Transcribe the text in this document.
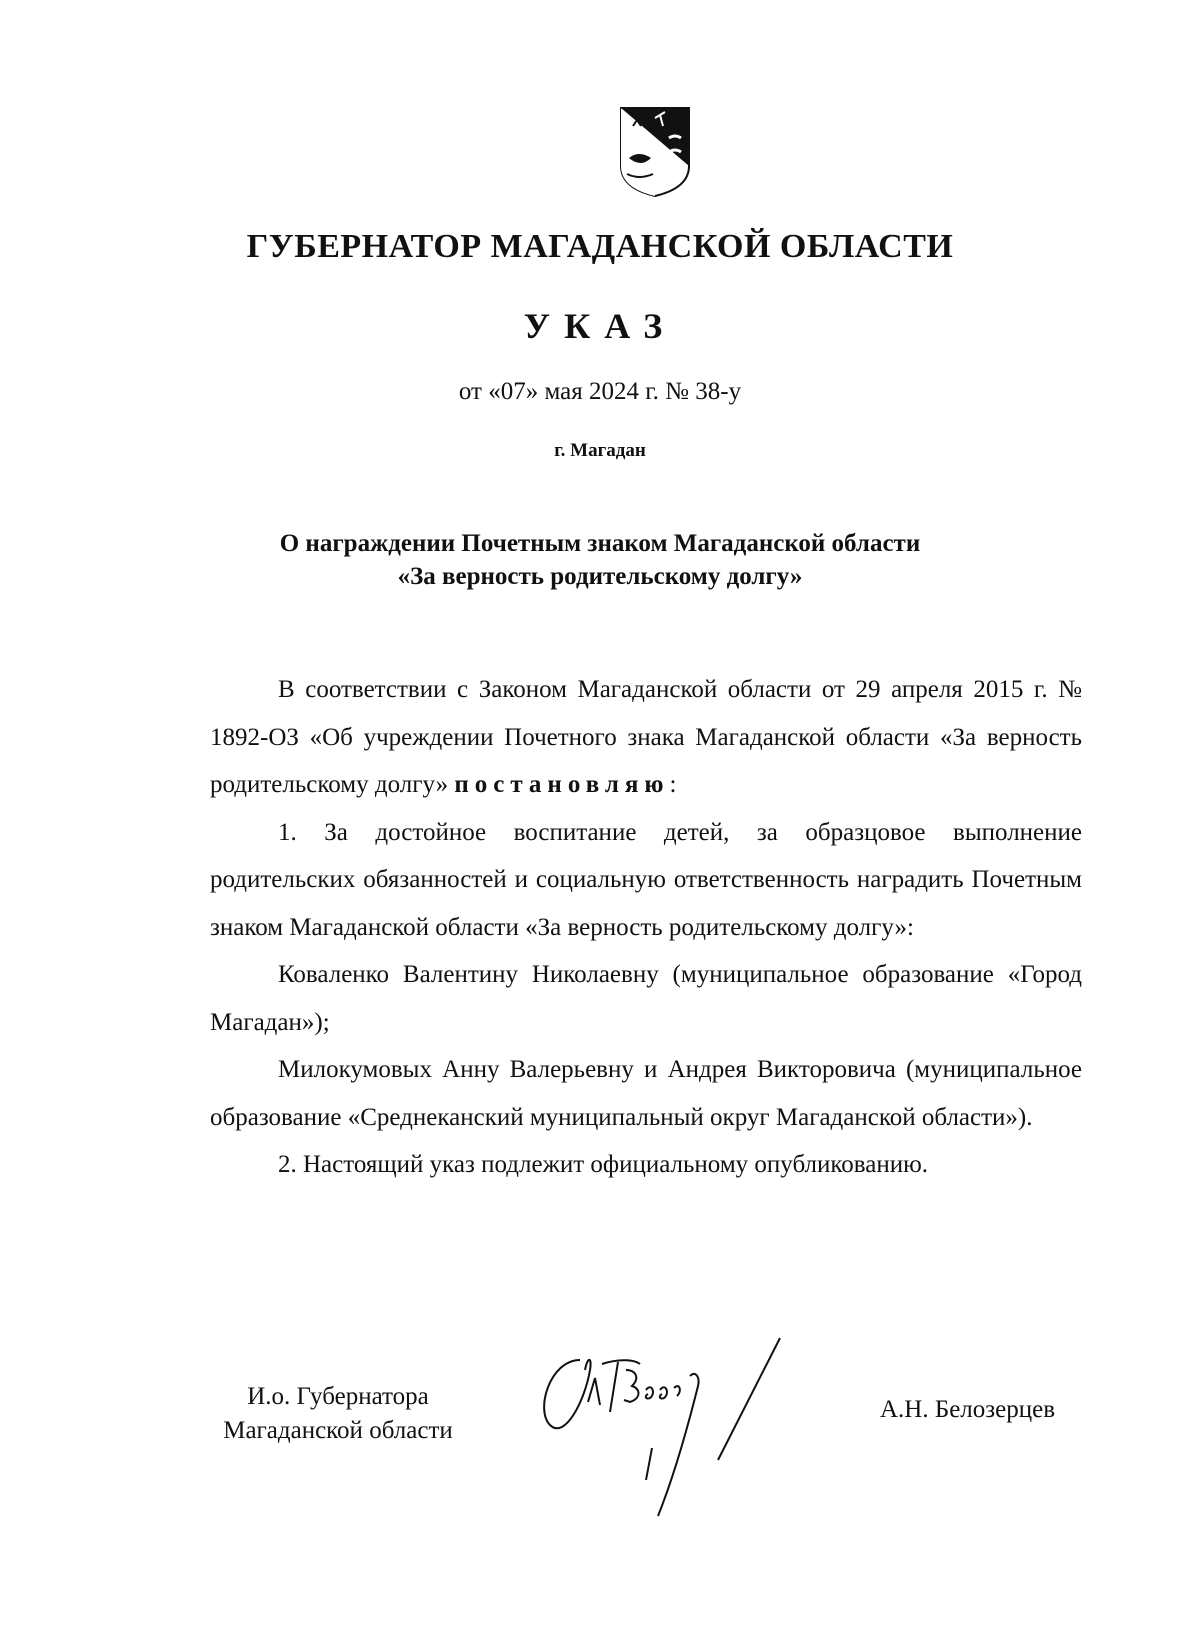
ГУБЕРНАТОР МАГАДАНСКОЙ ОБЛАСТИ
УКАЗ
от «07» мая 2024 г. № 38-у
г. Магадан
О награждении Почетным знаком Магаданской области
«За верность родительскому долгу»

В соответствии с Законом Магаданской области от 29 апреля 2015 г. № 1892-ОЗ «Об учреждении Почетного знака Магаданской области «За верность родительскому долгу» постановляю:

1. За достойное воспитание детей, за образцовое выполнение родительских обязанностей и социальную ответственность наградить Почетным знаком Магаданской области «За верность родительскому долгу»:

Коваленко Валентину Николаевну (муниципальное образование «Город Магадан»);

Милокумовых Анну Валерьевну и Андрея Викторовича (муниципальное образование «Среднеканский муниципальный округ Магаданской области»).

2. Настоящий указ подлежит официальному опубликованию.

И.о. Губернатора
Магаданской области
А.Н. Белозерцев
